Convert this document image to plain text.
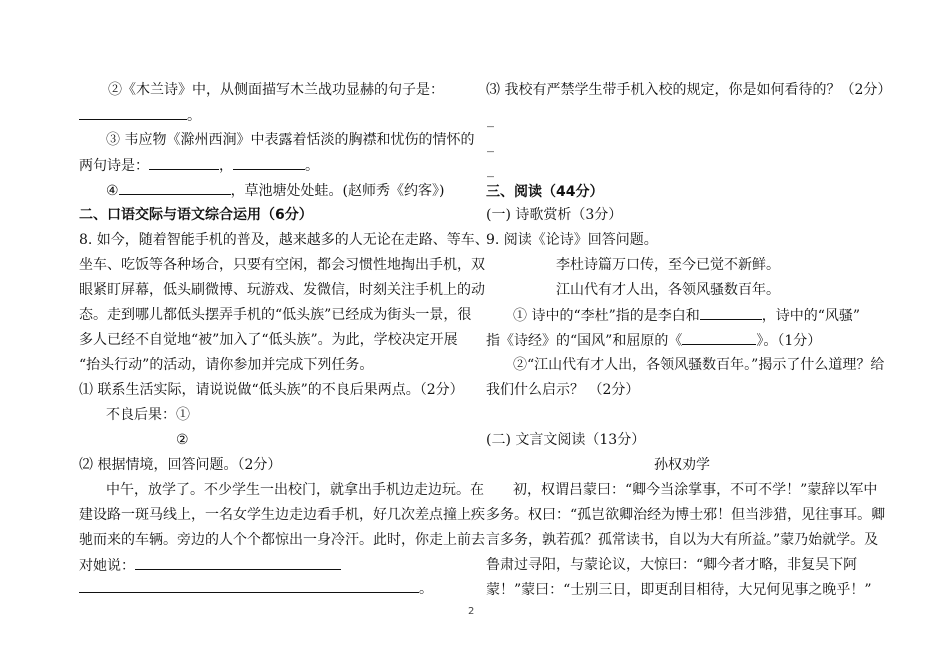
②《木兰诗》中，从侧面描写木兰战功显赫的句子是：
。
③ 韦应物《滁州西涧》中表露着恬淡的胸襟和忧伤的情怀的
两句诗是：	，	。
④	，草池塘处处蛙。(赵师秀《约客》)
二、口语交际与语文综合运用（6分）
8. 如今，随着智能手机的普及，越来越多的人无论在走路、等车、
坐车、吃饭等各种场合，只要有空闲，都会习惯性地掏出手机，双
眼紧盯屏幕，低头刷微博、玩游戏、发微信，时刻关注手机上的动
态。走到哪儿都低头摆弄手机的“低头族”已经成为街头一景，很
多人已经不自觉地“被”加入了“低头族”。为此，学校决定开展
“抬头行动”的活动，请你参加并完成下列任务。
⑴ 联系生活实际，请说说做“低头族”的不良后果两点。（2分）
不良后果：①
②
⑵ 根据情境，回答问题。（2分）
中午，放学了。不少学生一出校门，就拿出手机边走边玩。在
建设路一斑马线上，一名女学生边走边看手机，好几次差点撞上疾
驰而来的车辆。旁边的人个个都惊出一身冷汗。此时，你走上前去
对她说：
。
⑶ 我校有严禁学生带手机入校的规定，你是如何看待的？（2分）
_
_
_
三、阅读（44分）
(一) 诗歌赏析（3分）
9. 阅读《论诗》回答问题。
李杜诗篇万口传，至今已觉不新鲜。
江山代有才人出，各领风骚数百年。
① 诗中的“李杜”指的是李白和	，诗中的“风骚”
指《诗经》的“国风”和屈原的《	》。（1分）
②“江山代有才人出，各领风骚数百年。”揭示了什么道理？给
我们什么启示？ （2分）
(二) 文言文阅读（13分）
孙权劝学
初，权谓吕蒙曰：“卿今当涂掌事，不可不学！”蒙辞以军中
多务。权曰：“孤岂欲卿治经为博士邪！但当涉猎，见往事耳。卿
言多务，孰若孤？孤常读书，自以为大有所益。”蒙乃始就学。及
鲁肃过寻阳，与蒙论议，大惊曰：“卿今者才略，非复吴下阿
蒙！”蒙曰：“士别三日，即更刮目相待，大兄何见事之晚乎！”
2
